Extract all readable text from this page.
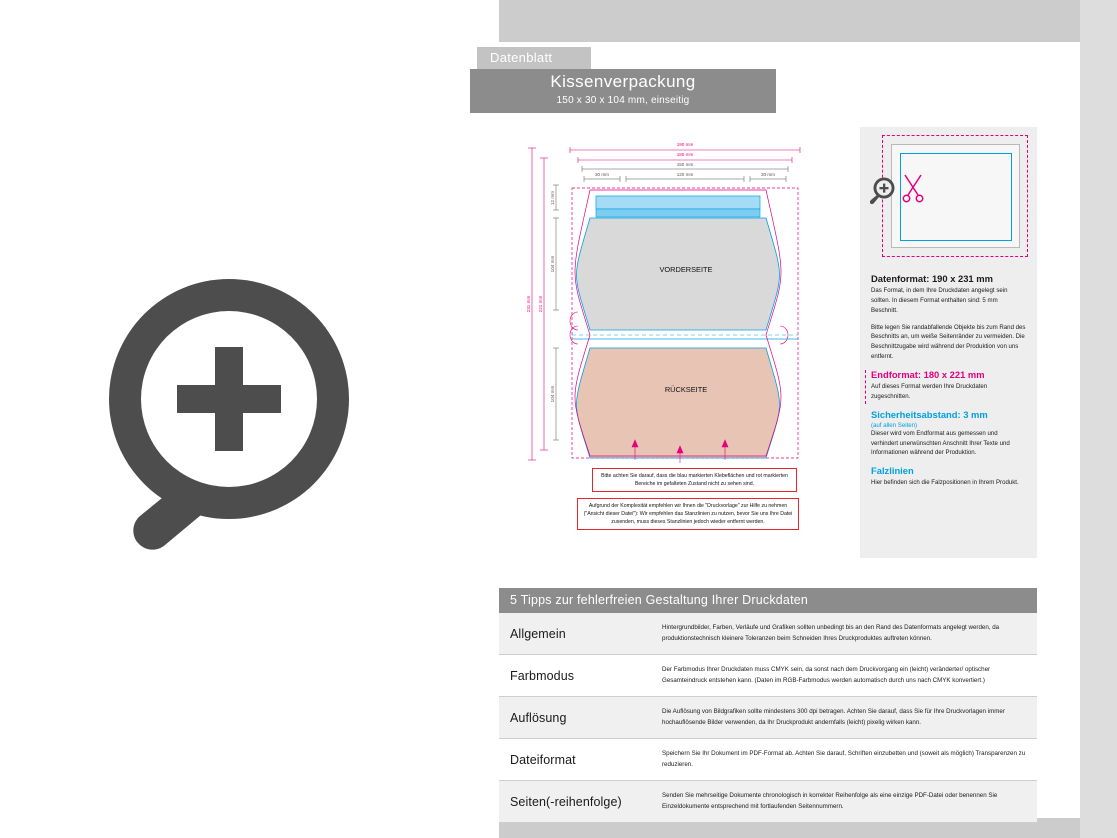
Datenblatt
Kissenverpackung
150 x 30 x 104 mm, einseitig
VORDERSEITE
RÜCKSEITE
190 mm
180 mm
150 mm
30 mm	120 mm	30 mm
12 mm
104 mm
104 mm
231 mm 221 mm
Bitte achten Sie darauf, dass die blau markierten Klebeflächen und rot markierten Bereiche im gefalteten Zustand nicht zu sehen sind.
Aufgrund der Komplexität empfehlen wir Ihnen die "Druckvorlage" zur Hilfe zu nehmen ("Ansicht dieser Datei"): Wir empfehlen das Stanzlinien zu nutzen, bevor Sie uns Ihre Datei zusenden, muss dieses Stanzlinien jedoch wieder entfernt werden.
Datenformat: 190 x 231 mm

Das Format, in dem Ihre Druckdaten angelegt sein sollten. In diesem Format enthalten sind: 5 mm Beschnitt.

Bitte legen Sie randabfallende Objekte bis zum Rand des Beschnitts an, um weiße Seitenränder zu vermeiden. Die Beschnittzugabe wird während der Produktion von uns entfernt.

Endformat: 180 x 221 mm

Auf dieses Format werden Ihre Druckdaten zugeschnitten.

Sicherheitsabstand: 3 mm
(auf allen Seiten)

Dieser wird vom Endformat aus gemessen und verhindert unerwünschten Anschnitt Ihrer Texte und Informationen während der Produktion.

Falzlinien

Hier befinden sich die Falzpositionen in Ihrem Produkt.

5 Tipps zur fehlerfreien Gestaltung Ihrer Druckdaten
Allgemein	Hintergrundbilder, Farben, Verläufe und Grafiken sollten unbedingt bis an den Rand des Datenformats angelegt werden, da produktionstechnisch kleinere Toleranzen beim Schneiden Ihres Druckproduktes auftreten können.
Farbmodus	Der Farbmodus Ihrer Druckdaten muss CMYK sein, da sonst nach dem Druckvorgang ein (leicht) veränderter/ optischer Gesamteindruck entstehen kann. (Daten im RGB-Farbmodus werden automatisch durch uns nach CMYK konvertiert.)
Auflösung	Die Auflösung von Bildgrafiken sollte mindestens 300 dpi betragen. Achten Sie darauf, dass Sie für Ihre Druckvorlagen immer hochauflösende Bilder verwenden, da Ihr Druckprodukt andernfalls (leicht) pixelig wirken kann.
Dateiformat	Speichern Sie Ihr Dokument im PDF-Format ab. Achten Sie darauf, Schriften einzubetten und (soweit als möglich) Transparenzen zu reduzieren.
Seiten(-reihenfolge)	Senden Sie mehrseitige Dokumente chronologisch in korrekter Reihenfolge als eine einzige PDF-Datei oder benennen Sie Einzeldokumente entsprechend mit fortlaufenden Seitennummern.
